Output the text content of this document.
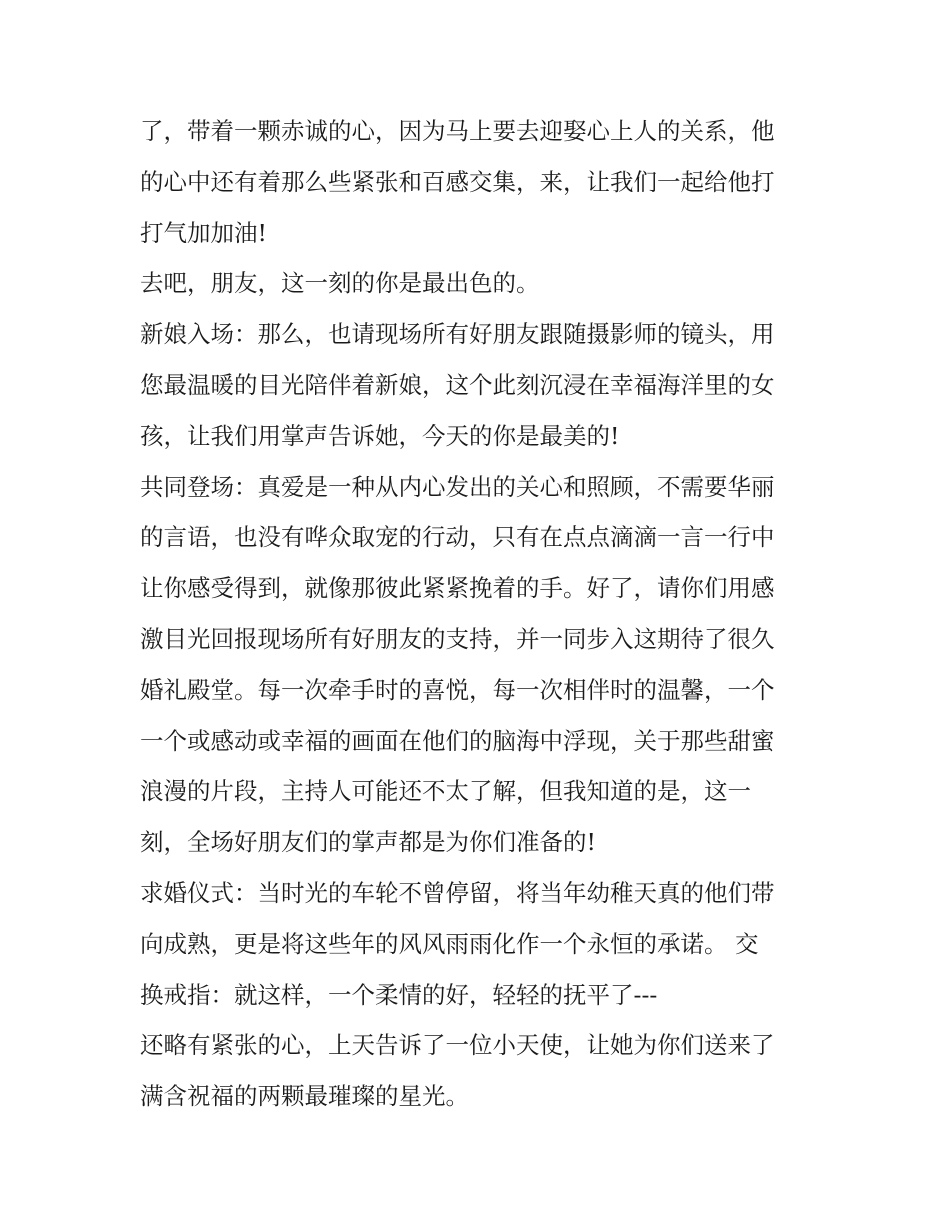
了，带着一颗赤诚的心，因为马上要去迎娶心上人的关系，他
的心中还有着那么些紧张和百感交集，来，让我们一起给他打
打气加加油!
去吧，朋友，这一刻的你是最出色的。
新娘入场：那么，也请现场所有好朋友跟随摄影师的镜头，用
您最温暖的目光陪伴着新娘，这个此刻沉浸在幸福海洋里的女
孩，让我们用掌声告诉她，今天的你是最美的!
共同登场：真爱是一种从内心发出的关心和照顾，不需要华丽
的言语，也没有哗众取宠的行动，只有在点点滴滴一言一行中
让你感受得到，就像那彼此紧紧挽着的手。好了，请你们用感
激目光回报现场所有好朋友的支持，并一同步入这期待了很久
婚礼殿堂。每一次牵手时的喜悦，每一次相伴时的温馨，一个
一个或感动或幸福的画面在他们的脑海中浮现，关于那些甜蜜
浪漫的片段，主持人可能还不太了解，但我知道的是，这一
刻，全场好朋友们的掌声都是为你们准备的!
求婚仪式：当时光的车轮不曾停留，将当年幼稚天真的他们带
向成熟，更是将这些年的风风雨雨化作一个永恒的承诺。 交
换戒指：就这样，一个柔情的好，轻轻的抚平了---
还略有紧张的心，上天告诉了一位小天使，让她为你们送来了
满含祝福的两颗最璀璨的星光。
